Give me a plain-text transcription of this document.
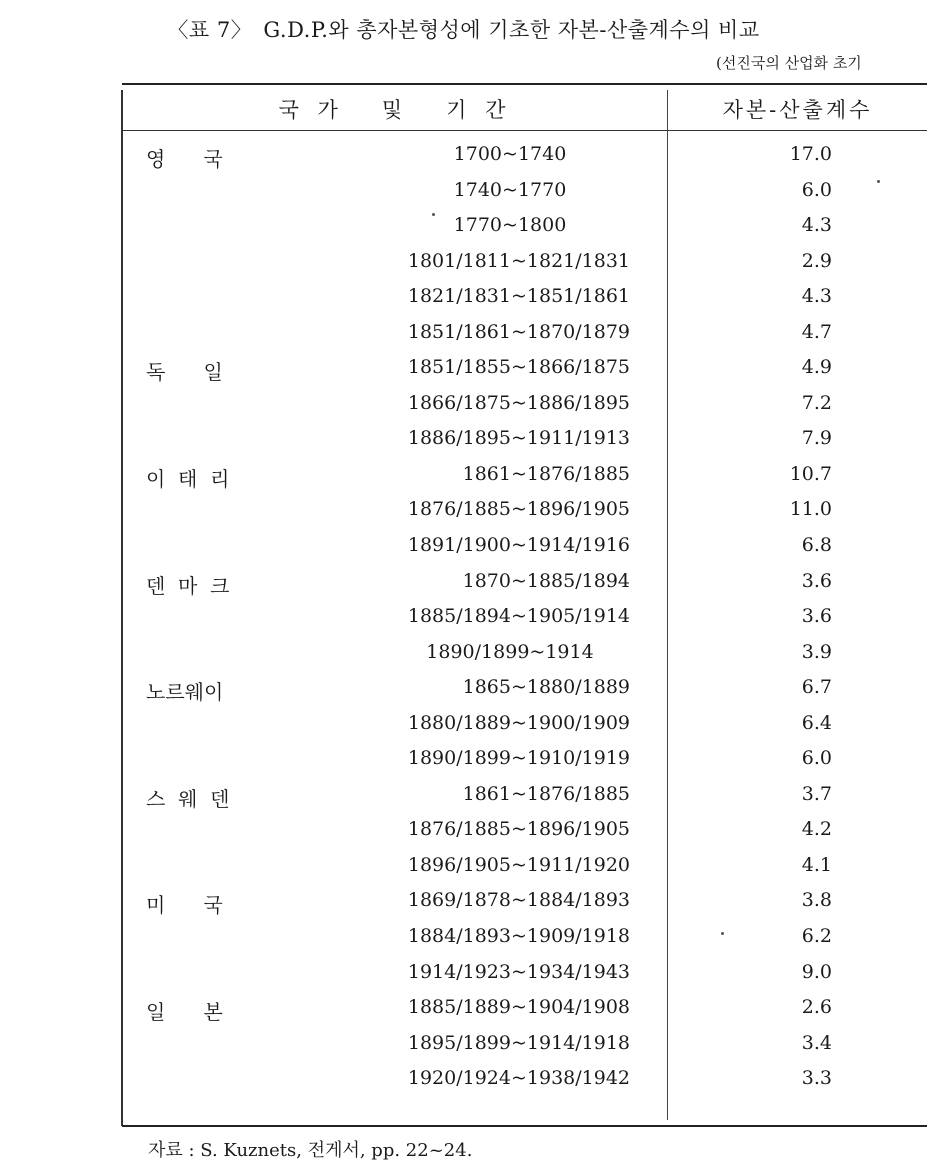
〈표 7〉 G.D.P.와 총자본형성에 기초한 자본-산출계수의 비교
(선진국의 산업화 초기
국 가   및   기 간	자본-산출계수
영      국	1700~1740	17.0
1740~1770	6.0
1770~1800	4.3
1801/1811~1821/1831	2.9
1821/1831~1851/1861	4.3
1851/1861~1870/1879	4.7
독      일	1851/1855~1866/1875	4.9
1866/1875~1886/1895	7.2
1886/1895~1911/1913	7.9
이  태  리	1861~1876/1885	10.7
1876/1885~1896/1905	11.0
1891/1900~1914/1916	6.8
덴  마  크	1870~1885/1894	3.6
1885/1894~1905/1914	3.6
1890/1899~1914	3.9
노르웨이	1865~1880/1889	6.7
1880/1889~1900/1909	6.4
1890/1899~1910/1919	6.0
스  웨  덴	1861~1876/1885	3.7
1876/1885~1896/1905	4.2
1896/1905~1911/1920	4.1
미      국	1869/1878~1884/1893	3.8
1884/1893~1909/1918	6.2
1914/1923~1934/1943	9.0
일      본	1885/1889~1904/1908	2.6
1895/1899~1914/1918	3.4
1920/1924~1938/1942	3.3
자료 : S. Kuznets, 전게서, pp. 22~24.
